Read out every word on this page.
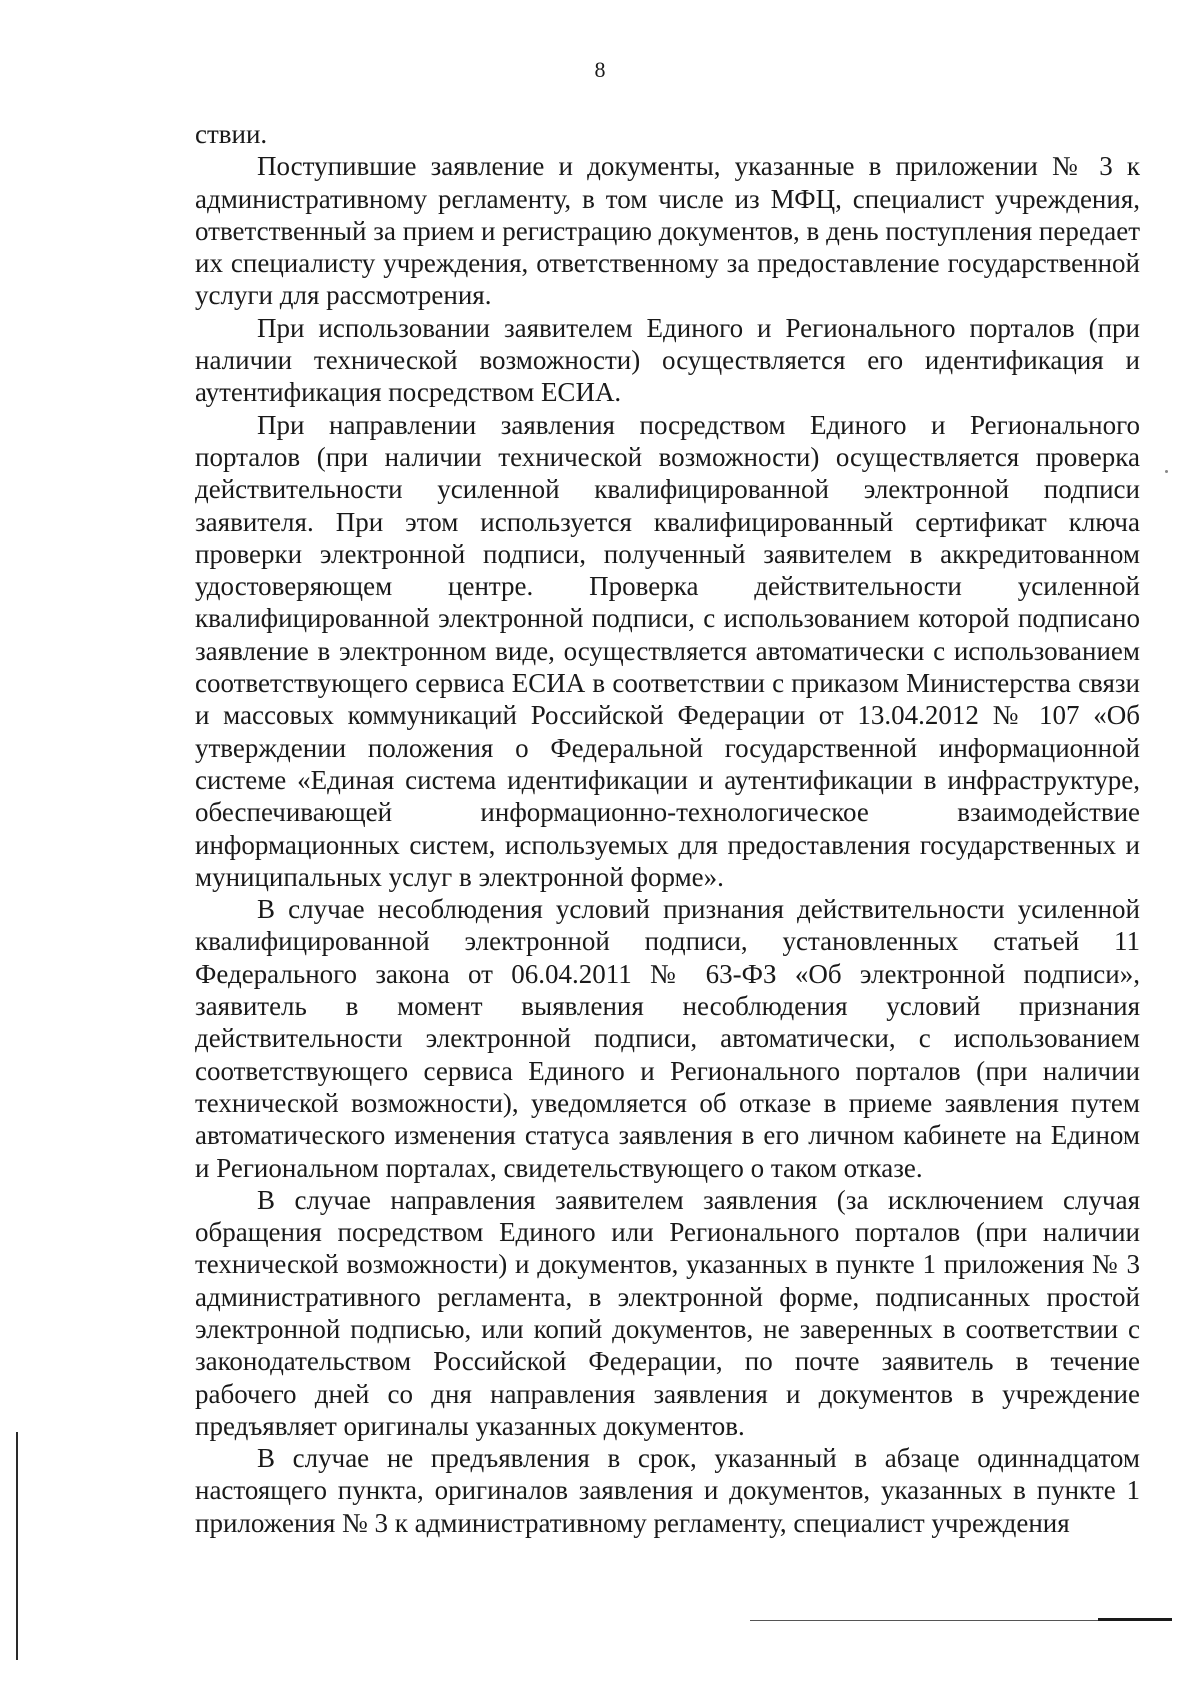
8

ствии.

Поступившие заявление и документы, указанные в приложении № 3 к административному регламенту, в том числе из МФЦ, специалист учреждения, ответственный за прием и регистрацию документов, в день поступления передает их специалисту учреждения, ответственному за предоставление государственной услуги для рассмотрения.

При использовании заявителем Единого и Регионального порталов (при наличии технической возможности) осуществляется его идентификация и аутентификация посредством ЕСИА.

При направлении заявления посредством Единого и Регионального порталов (при наличии технической возможности) осуществляется проверка действительности усиленной квалифицированной электронной подписи заявителя. При этом используется квалифицированный сертификат ключа проверки электронной подписи, полученный заявителем в аккредитованном удостоверяющем центре. Проверка действительности усиленной квалифицированной электронной подписи, с использованием которой подписано заявление в электронном виде, осуществляется автоматически с использованием соответствующего сервиса ЕСИА в соответствии с приказом Министерства связи и массовых коммуникаций Российской Федерации от 13.04.2012 № 107 «Об утверждении положения о Федеральной государственной информационной системе «Единая система идентификации и аутентификации в инфраструктуре, обеспечивающей информационно-технологическое взаимодействие информационных систем, используемых для предоставления государственных и муниципальных услуг в электронной форме».

В случае несоблюдения условий признания действительности усиленной квалифицированной электронной подписи, установленных статьей 11 Федерального закона от 06.04.2011 № 63-ФЗ «Об электронной подписи», заявитель в момент выявления несоблюдения условий признания действительности электронной подписи, автоматически, с использованием соответствующего сервиса Единого и Регионального порталов (при наличии технической возможности), уведомляется об отказе в приеме заявления путем автоматического изменения статуса заявления в его личном кабинете на Едином и Региональном порталах, свидетельствующего о таком отказе.

В случае направления заявителем заявления (за исключением случая обращения посредством Единого или Регионального порталов (при наличии технической возможности) и документов, указанных в пункте 1 приложения № 3 административного регламента, в электронной форме, подписанных простой электронной подписью, или копий документов, не заверенных в соответствии с законодательством Российской Федерации, по почте заявитель в течение рабочего дней со дня направления заявления и документов в учреждение предъявляет оригиналы указанных документов.

В случае не предъявления в срок, указанный в абзаце одиннадцатом настоящего пункта, оригиналов заявления и документов, указанных в пункте 1 приложения № 3 к административному регламенту, специалист учреждения
